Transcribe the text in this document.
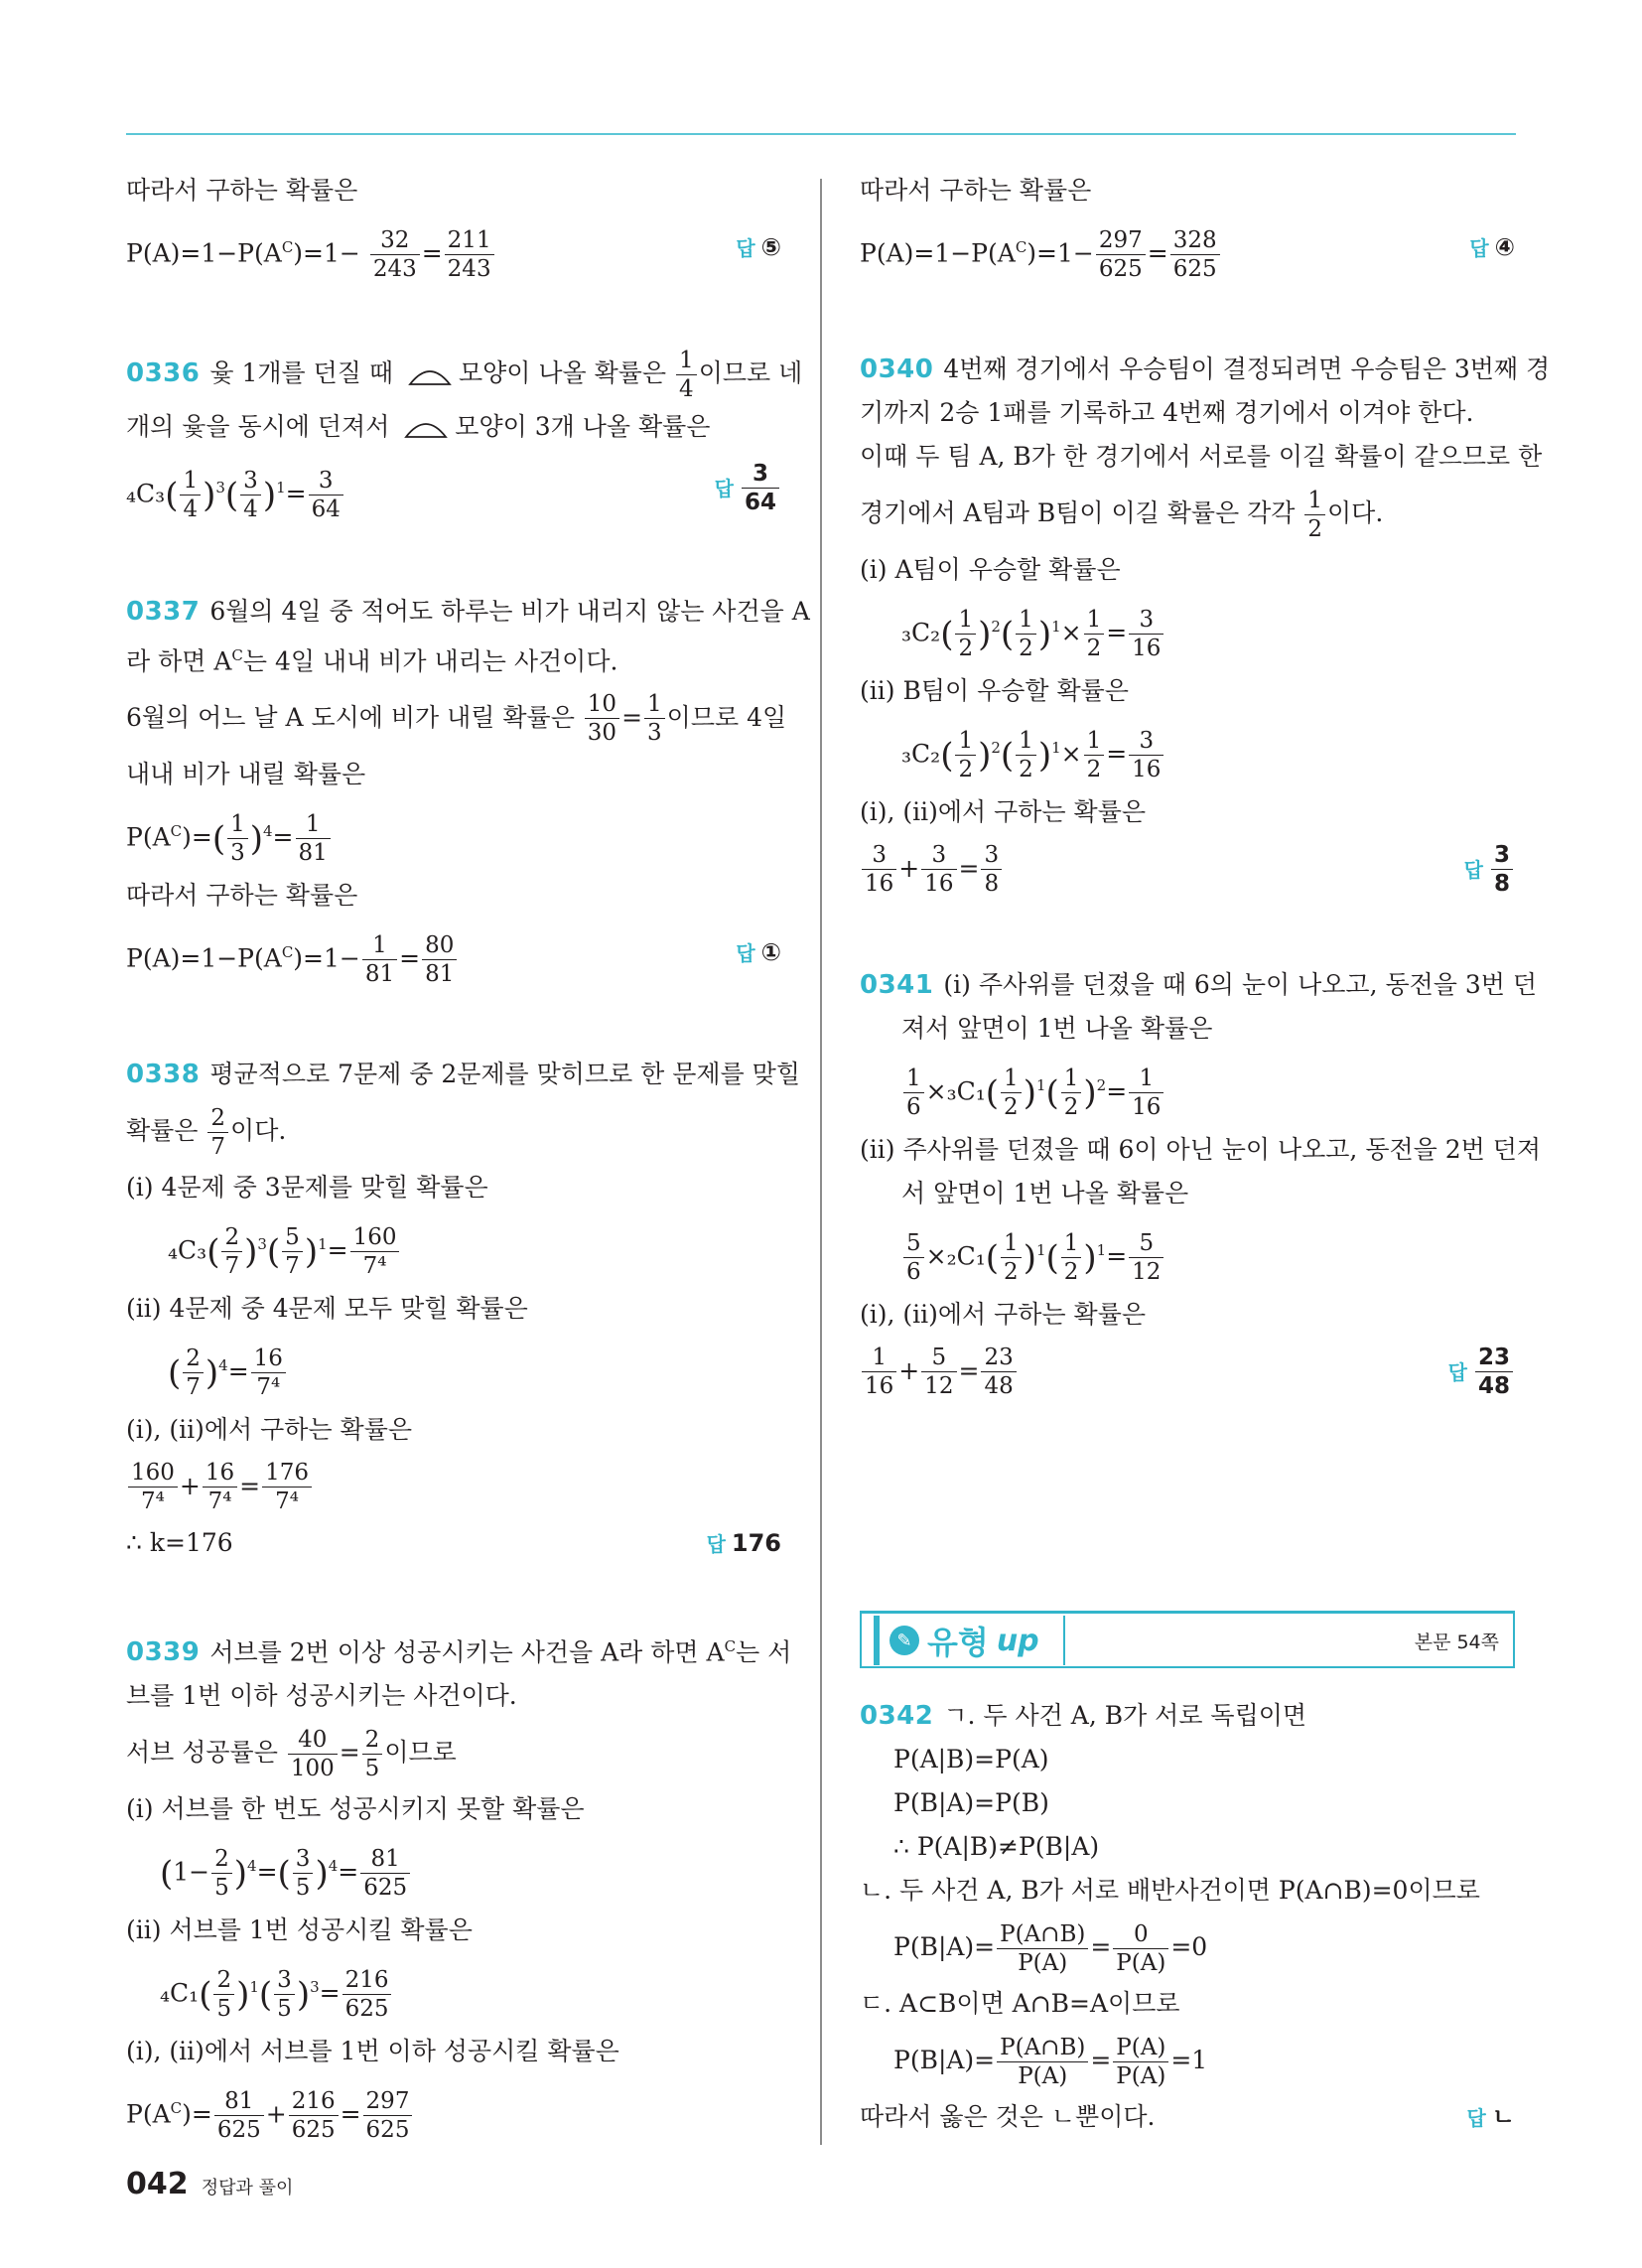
따라서 구하는 확률은
$P(A)=1-P(A^C)=1- \frac{32}{243} = \frac{211}{243}$	답 ⑤
0336 윷 1개를 던질 때	모양이 나올 확률은 $\frac{1}{4}$ 이므로 네
개의 윷을 동시에 던져서	모양이 3개 나올 확률은
$_4C_3( \frac{1}{4} )^3( \frac{3}{4} )^1= \frac{3}{64}$	답 $\frac{3}{64}$
0337 6월의 4일 중 적어도 하루는 비가 내리지 않는 사건을 A
라 하면 $A^C$는 4일 내내 비가 내리는 사건이다.
6월의 어느 날 A 도시에 비가 내릴 확률은 $\frac{10}{30} = \frac{1}{3}$ 이므로 4일
내내 비가 내릴 확률은
$P(A^C)=( \frac{1}{3} )^4= \frac{1}{81}$
따라서 구하는 확률은
$P(A)=1-P(A^C)=1- \frac{1}{81} = \frac{80}{81}$	답 ①
0338 평균적으로 7문제 중 2문제를 맞히므로 한 문제를 맞힐
확률은 $\frac{2}{7}$ 이다.
(ⅰ) 4문제 중 3문제를 맞힐 확률은
$_4C_3( \frac{2}{7} )^3( \frac{5}{7} )^1= \frac{160}{\text{7⁴}}$
(ⅱ) 4문제 중 4문제 모두 맞힐 확률은
( $\frac{2}{7} )^4= \frac{16}{\text{7⁴}}$
(ⅰ), (ⅱ)에서 구하는 확률은
$\frac{160}{\text{7⁴}} + \frac{16}{\text{7⁴}} = \frac{176}{\text{7⁴}}$
∴ k=176	답 176
0339 서브를 2번 이상 성공시키는 사건을 A라 하면 $A^C$는 서
브를 1번 이하 성공시키는 사건이다.
서브 성공률은 $\frac{40}{100} = \frac{2}{5}$ 이므로
(ⅰ) 서브를 한 번도 성공시키지 못할 확률은
$(1- \frac{2}{5} )^4=( \frac{3}{5} )^4= \frac{81}{625}$
(ⅱ) 서브를 1번 성공시킬 확률은
$_4C_1( \frac{2}{5} )^1( \frac{3}{5} )^3= \frac{216}{625}$
(ⅰ), (ⅱ)에서 서브를 1번 이하 성공시킬 확률은
$P(A^C)= \frac{81}{625} + \frac{216}{625} = \frac{297}{625}$
따라서 구하는 확률은
$P(A)=1-P(A^C)=1- \frac{297}{625} = \frac{328}{625}$	답 ④
0340 4번째 경기에서 우승팀이 결정되려면 우승팀은 3번째 경
기까지 2승 1패를 기록하고 4번째 경기에서 이겨야 한다.
이때 두 팀 A, B가 한 경기에서 서로를 이길 확률이 같으므로 한
경기에서 A팀과 B팀이 이길 확률은 각각 $\frac{1}{2}$ 이다.
(ⅰ) A팀이 우승할 확률은
$_3C_2( \frac{1}{2} )^2( \frac{1}{2} )^1\times \frac{1}{2} = \frac{3}{16}$
(ⅱ) B팀이 우승할 확률은
$_3C_2( \frac{1}{2} )^2( \frac{1}{2} )^1\times \frac{1}{2} = \frac{3}{16}$
(ⅰ), (ⅱ)에서 구하는 확률은
$\frac{3}{16} + \frac{3}{16} = \frac{3}{8}$	답 $\frac{3}{8}$
0341 (ⅰ) 주사위를 던졌을 때 6의 눈이 나오고, 동전을 3번 던
져서 앞면이 1번 나올 확률은
$\frac{1}{6} \times_3C_1( \frac{1}{2} )^1( \frac{1}{2} )^2= \frac{1}{16}$
(ⅱ) 주사위를 던졌을 때 6이 아닌 눈이 나오고, 동전을 2번 던져
서 앞면이 1번 나올 확률은
$\frac{5}{6} \times_2C_1( \frac{1}{2} )^1( \frac{1}{2} )^1= \frac{5}{12}$
(ⅰ), (ⅱ)에서 구하는 확률은
$\frac{1}{16} + \frac{5}{12} = \frac{23}{48}$	답 $\frac{23}{48}$
✎ 유형 up	본문 54쪽
0342 ㄱ. 두 사건 A, B가 서로 독립이면
P(A|B)=P(A)
P(B|A)=P(B)
∴ P(A|B)≠P(B|A)
ㄴ. 두 사건 A, B가 서로 배반사건이면 P(A∩B)=0이므로
$P(B|A)= \frac{P(A\cap B)}{P(A)} = \frac{0}{P(A)} =0$
ㄷ. A⊂B이면 A∩B=A이므로
$P(B|A)= \frac{P(A\cap B)}{P(A)} = \frac{P(A)}{P(A)} =1$
따라서 옳은 것은 ㄴ뿐이다.	답 ㄴ
042 정답과 풀이
